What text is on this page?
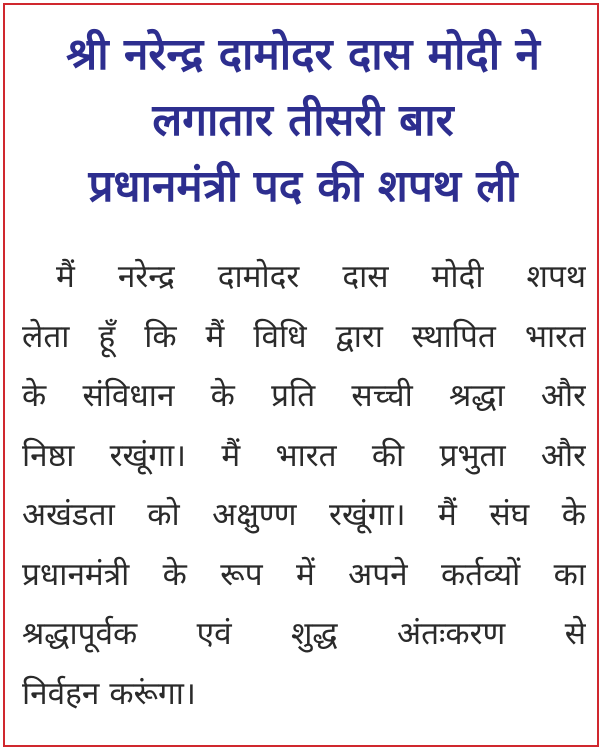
श्री नरेन्द्र दामोदर दास मोदी ने
लगातार तीसरी बार
प्रधानमंत्री पद की शपथ ली
मैं नरेन्द्र दामोदर दास मोदी शपथ
लेता हूँ कि मैं विधि द्वारा स्थापित भारत
के संविधान के प्रति सच्ची श्रद्धा और
निष्ठा रखूंगा। मैं भारत की प्रभुता और
अखंडता को अक्षुण्ण रखूंगा। मैं संघ के
प्रधानमंत्री के रूप में अपने कर्तव्यों का
श्रद्धापूर्वक एवं शुद्ध अंतःकरण से
निर्वहन करूंगा।
